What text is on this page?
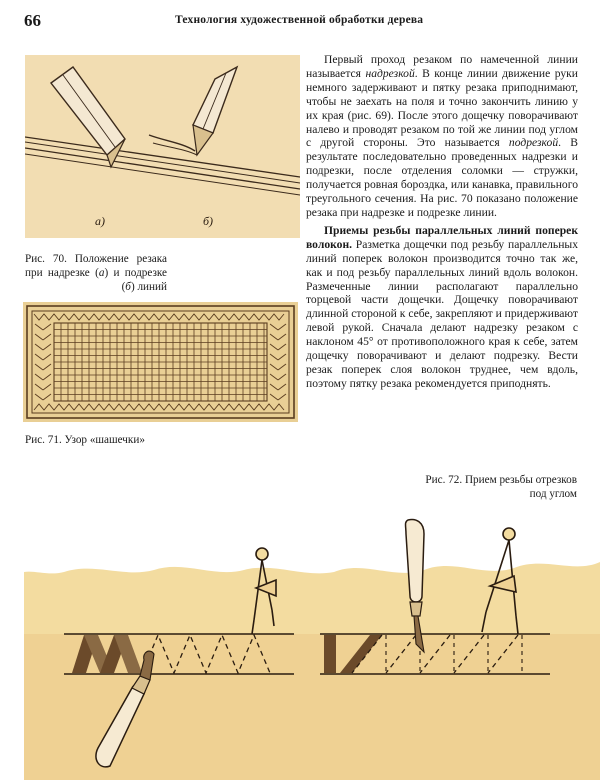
66	Технология художественной обработки дерева
а)	б)
Рис. 70. Положение резака при надрезке (а) и подрезке (б) линий
Рис. 71. Узор «шашечки»

Первый проход резаком по намеченной линии называется надрезкой. В конце линии движение руки немного задерживают и пятку резака приподнимают, чтобы не заехать на поля и точно закончить линию у их края (рис. 69). После этого дощечку поворачивают налево и проводят резаком по той же линии под углом с другой стороны. Это называется подрезкой. В результате последовательно проведенных надрезки и подрезки, после отделения соломки — стружки, получается ровная бороздка, или канавка, правильного треугольного сечения. На рис. 70 показано положение резака при надрезке и подрезке линии.

Приемы резьбы параллельных линий поперек волокон. Разметка дощечки под резьбу параллельных линий поперек волокон производится точно так же, как и под резьбу параллельных линий вдоль волокон. Размеченные линии располагают параллельно торцевой части дощечки. Дощечку поворачивают длинной стороной к себе, закрепляют и придерживают левой рукой. Сначала делают надрезку резаком с наклоном 45° от противоположного края к себе, затем дощечку поворачивают и делают подрезку. Вести резак поперек слоя волокон труднее, чем вдоль, поэтому пятку резака рекомендуется приподнять.

Рис. 72. Прием резьбы отрезков под углом
